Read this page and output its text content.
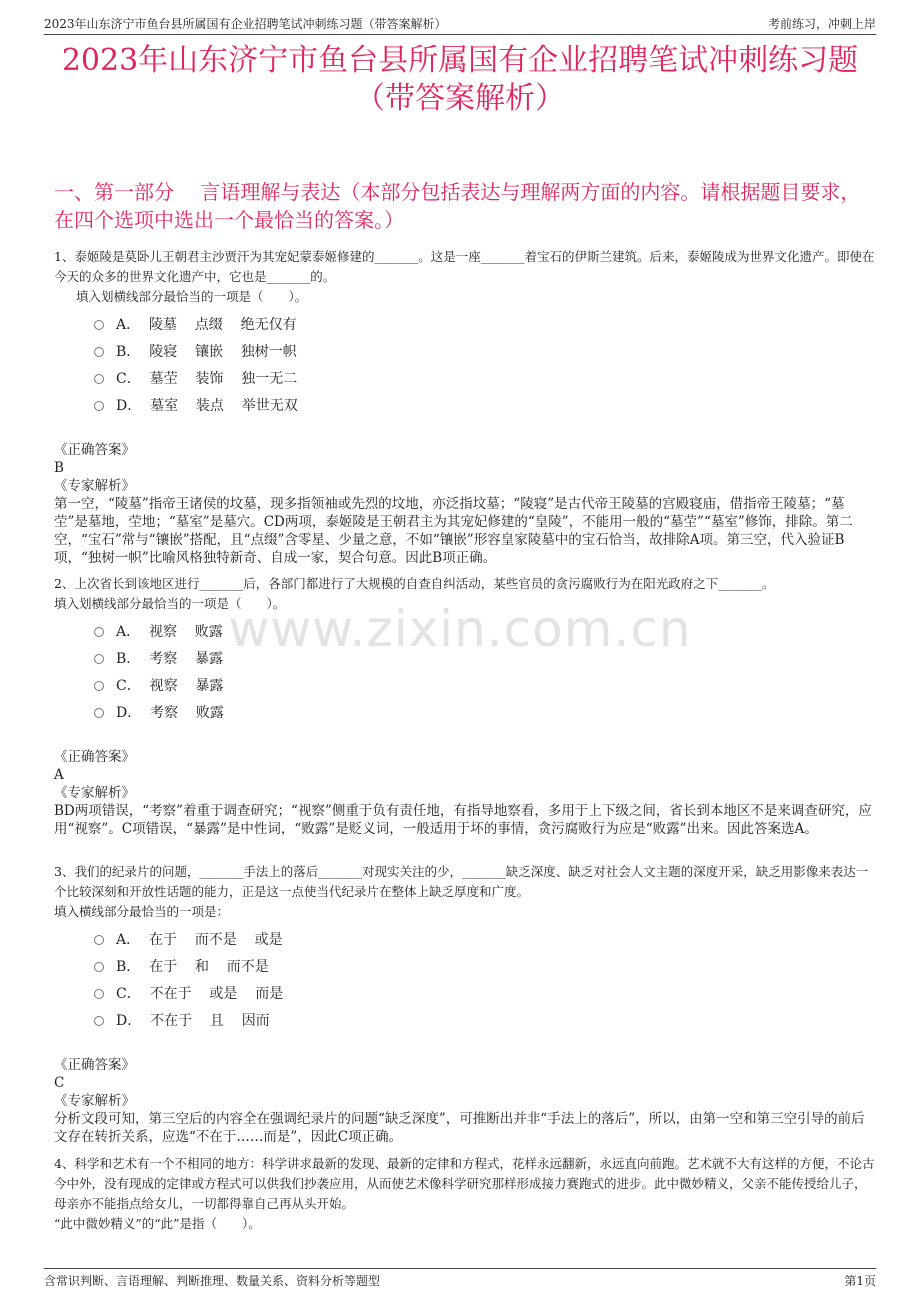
2023年山东济宁市鱼台县所属国有企业招聘笔试冲刺练习题（带答案解析）	考前练习，冲刺上岸
2023年山东济宁市鱼台县所属国有企业招聘笔试冲刺练习题
（带答案解析）
一、第一部分　 言语理解与表达（本部分包括表达与理解两方面的内容。请根据题目要求，在四个选项中选出一个最恰当的答案。）
www.zixin.com.cn

1、泰姬陵是莫卧儿王朝君主沙贾汗为其宠妃蒙泰姬修建的_______。这是一座_______着宝石的伊斯兰建筑。后来，泰姬陵成为世界文化遗产。即使在今天的众多的世界文化遗产中，它也是_______的。

填入划横线部分最恰当的一项是（　　）。

A．  陵墓    点缀    绝无仅有
B．  陵寝    镶嵌    独树一帜
C．  墓茔    装饰    独一无二
D．  墓室    装点    举世无双

《正确答案》

B

《专家解析》

第一空，“陵墓”指帝王诸侯的坟墓，现多指领袖或先烈的坟地，亦泛指坟墓；“陵寝”是古代帝王陵墓的宫殿寝庙，借指帝王陵墓；“墓茔”是墓地，茔地；“墓室”是墓穴。CD两项，泰姬陵是王朝君主为其宠妃修建的“皇陵”，不能用一般的“墓茔”“墓室”修饰，排除。第二空，“宝石”常与“镶嵌”搭配，且“点缀”含零星、少量之意，不如“镶嵌”形容皇家陵墓中的宝石恰当，故排除A项。第三空，代入验证B项，“独树一帜”比喻风格独特新奇、自成一家，契合句意。因此B项正确。

2、上次省长到该地区进行_______后，各部门都进行了大规模的自查自纠活动，某些官员的贪污腐败行为在阳光政府之下_______。

填入划横线部分最恰当的一项是（　　）。

A．  视察    败露
B．  考察    暴露
C．  视察    暴露
D．  考察    败露

《正确答案》

A

《专家解析》

BD两项错误，“考察”着重于调查研究；“视察”侧重于负有责任地，有指导地察看，多用于上下级之间，省长到本地区不是来调查研究，应用“视察”。C项错误，“暴露”是中性词，“败露”是贬义词，一般适用于坏的事情，贪污腐败行为应是“败露”出来。因此答案选A。

3、我们的纪录片的问题，_______手法上的落后_______对现实关注的少，_______缺乏深度、缺乏对社会人文主题的深度开采，缺乏用影像来表达一个比较深刻和开放性话题的能力，正是这一点使当代纪录片在整体上缺乏厚度和广度。

填入横线部分最恰当的一项是：

A．  在于    而不是    或是
B．  在于    和    而不是
C．  不在于    或是    而是
D．  不在于    且    因而

《正确答案》

C

《专家解析》

分析文段可知，第三空后的内容全在强调纪录片的问题“缺乏深度”，可推断出并非“手法上的落后”，所以，由第一空和第三空引导的前后文存在转折关系，应选“不在于……而是”，因此C项正确。

4、科学和艺术有一个不相同的地方：科学讲求最新的发现、最新的定律和方程式，花样永远翻新，永远直向前跑。艺术就不大有这样的方便，不论古今中外，没有现成的定律或方程式可以供我们抄袭应用，从而使艺术像科学研究那样形成接力赛跑式的进步。此中微妙精义，父亲不能传授给儿子，母亲亦不能指点给女儿，一切都得靠自己再从头开始。

“此中微妙精义”的“此”是指（　　）。

含常识判断、言语理解、判断推理、数量关系、资料分析等题型	第1页
